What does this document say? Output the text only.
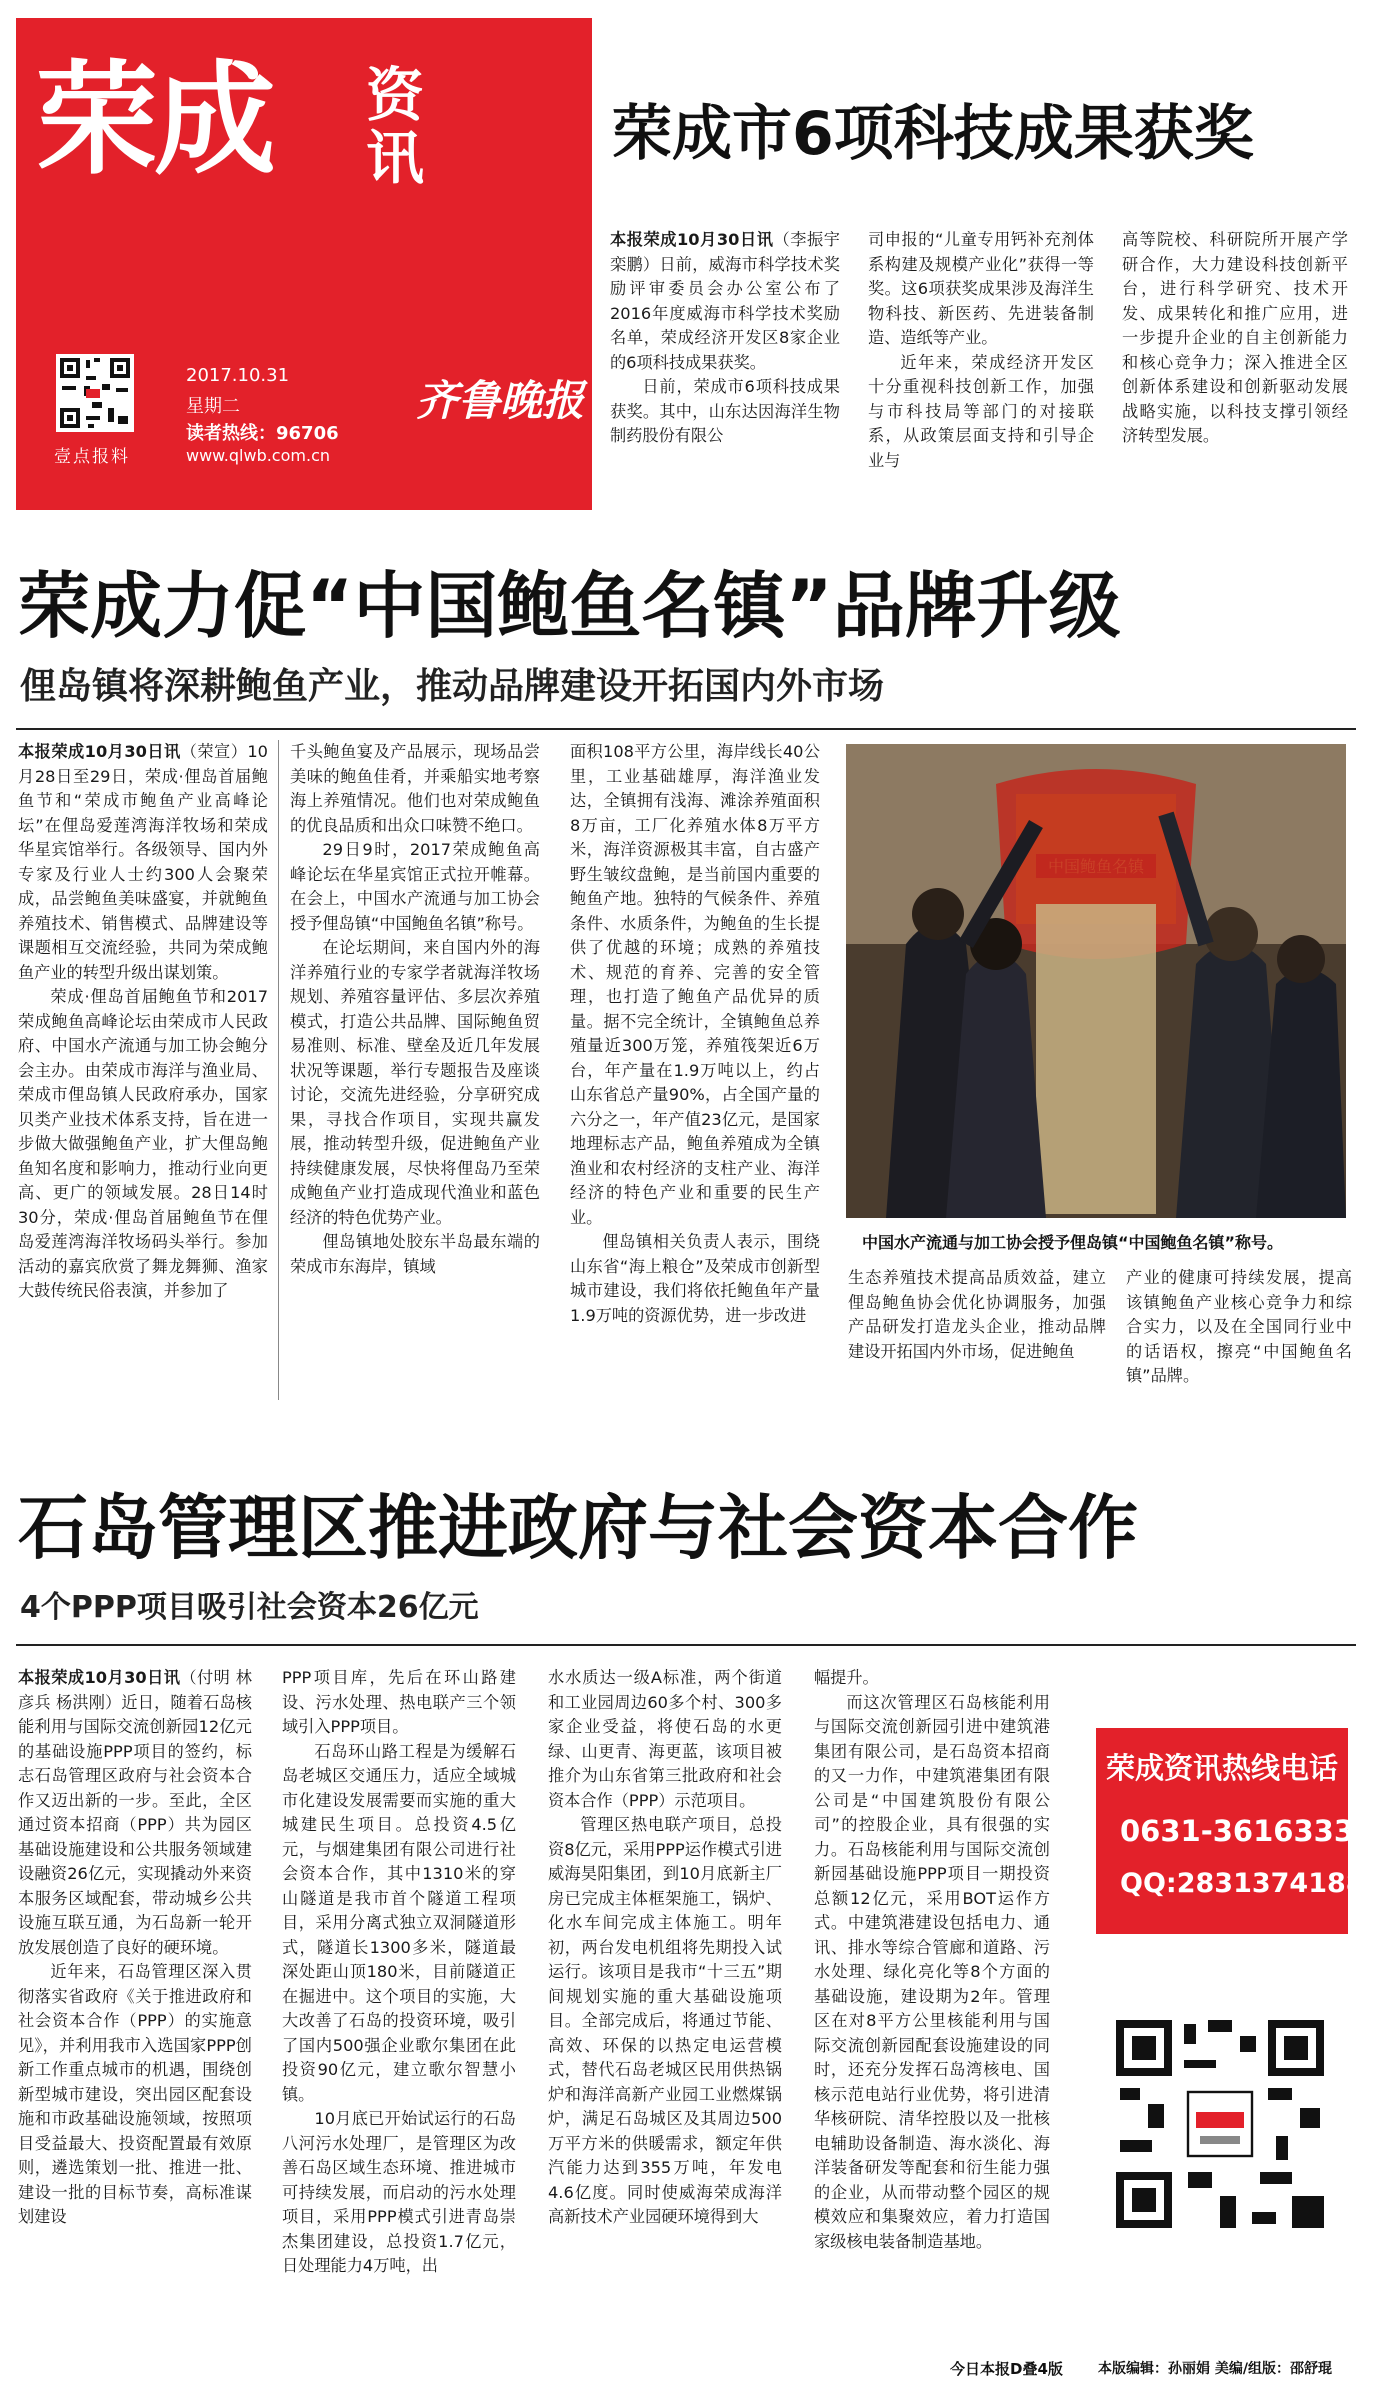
荣成 资讯
壹点报料
2017.10.31
星期二
读者热线：96706
www.qlwb.com.cn
齐鲁晚报
荣成市6项科技成果获奖

本报荣成10月30日讯（李振宇 栾鹏）日前，威海市科学技术奖励评审委员会办公室公布了2016年度威海市科学技术奖励名单，荣成经济开发区8家企业的6项科技成果获奖。

日前，荣成市6项科技成果获奖。其中，山东达因海洋生物制药股份有限公

司申报的“儿童专用钙补充剂体系构建及规模产业化”获得一等奖。这6项获奖成果涉及海洋生物科技、新医药、先进装备制造、造纸等产业。

近年来，荣成经济开发区十分重视科技创新工作，加强与市科技局等部门的对接联系，从政策层面支持和引导企业与

高等院校、科研院所开展产学研合作，大力建设科技创新平台，进行科学研究、技术开发、成果转化和推广应用，进一步提升企业的自主创新能力和核心竞争力；深入推进全区创新体系建设和创新驱动发展战略实施，以科技支撑引领经济转型发展。

荣成力促“中国鲍鱼名镇”品牌升级
俚岛镇将深耕鲍鱼产业，推动品牌建设开拓国内外市场

本报荣成10月30日讯（荣宣）10月28日至29日，荣成·俚岛首届鲍鱼节和“荣成市鲍鱼产业高峰论坛”在俚岛爱莲湾海洋牧场和荣成华星宾馆举行。各级领导、国内外专家及行业人士约300人会聚荣成，品尝鲍鱼美味盛宴，并就鲍鱼养殖技术、销售模式、品牌建设等课题相互交流经验，共同为荣成鲍鱼产业的转型升级出谋划策。

荣成·俚岛首届鲍鱼节和2017荣成鲍鱼高峰论坛由荣成市人民政府、中国水产流通与加工协会鲍分会主办。由荣成市海洋与渔业局、荣成市俚岛镇人民政府承办，国家贝类产业技术体系支持，旨在进一步做大做强鲍鱼产业，扩大俚岛鲍鱼知名度和影响力，推动行业向更高、更广的领域发展。28日14时30分，荣成·俚岛首届鲍鱼节在俚岛爱莲湾海洋牧场码头举行。参加活动的嘉宾欣赏了舞龙舞狮、渔家大鼓传统民俗表演，并参加了

千头鲍鱼宴及产品展示，现场品尝美味的鲍鱼佳肴，并乘船实地考察海上养殖情况。他们也对荣成鲍鱼的优良品质和出众口味赞不绝口。

29日9时，2017荣成鲍鱼高峰论坛在华星宾馆正式拉开帷幕。在会上，中国水产流通与加工协会授予俚岛镇“中国鲍鱼名镇”称号。

在论坛期间，来自国内外的海洋养殖行业的专家学者就海洋牧场规划、养殖容量评估、多层次养殖模式，打造公共品牌、国际鲍鱼贸易准则、标准、壁垒及近几年发展状况等课题，举行专题报告及座谈讨论，交流先进经验，分享研究成果，寻找合作项目，实现共赢发展，推动转型升级，促进鲍鱼产业持续健康发展，尽快将俚岛乃至荣成鲍鱼产业打造成现代渔业和蓝色经济的特色优势产业。

俚岛镇地处胶东半岛最东端的荣成市东海岸，镇域

面积108平方公里，海岸线长40公里，工业基础雄厚，海洋渔业发达，全镇拥有浅海、滩涂养殖面积8万亩，工厂化养殖水体8万平方米，海洋资源极其丰富，自古盛产野生皱纹盘鲍，是当前国内重要的鲍鱼产地。独特的气候条件、养殖条件、水质条件，为鲍鱼的生长提供了优越的环境；成熟的养殖技术、规范的育养、完善的安全管理，也打造了鲍鱼产品优异的质量。据不完全统计，全镇鲍鱼总养殖量近300万笼，养殖筏架近6万台，年产量在1.9万吨以上，约占山东省总产量90%，占全国产量的六分之一，年产值23亿元，是国家地理标志产品，鲍鱼养殖成为全镇渔业和农村经济的支柱产业、海洋经济的特色产业和重要的民生产业。

俚岛镇相关负责人表示，围绕山东省“海上粮仓”及荣成市创新型城市建设，我们将依托鲍鱼年产量1.9万吨的资源优势，进一步改进

中国水产流通与加工协会授予俚岛镇“中国鲍鱼名镇”称号。

生态养殖技术提高品质效益，建立俚岛鲍鱼协会优化协调服务，加强产品研发打造龙头企业，推动品牌建设开拓国内外市场，促进鲍鱼

产业的健康可持续发展，提高该镇鲍鱼产业核心竞争力和综合实力，以及在全国同行业中的话语权，擦亮“中国鲍鱼名镇”品牌。

石岛管理区推进政府与社会资本合作
4个PPP项目吸引社会资本26亿元

本报荣成10月30日讯（付明 林彦兵 杨洪刚）近日，随着石岛核能利用与国际交流创新园12亿元的基础设施PPP项目的签约，标志石岛管理区政府与社会资本合作又迈出新的一步。至此，全区通过资本招商（PPP）共为园区基础设施建设和公共服务领域建设融资26亿元，实现撬动外来资本服务区域配套，带动城乡公共设施互联互通，为石岛新一轮开放发展创造了良好的硬环境。

近年来，石岛管理区深入贯彻落实省政府《关于推进政府和社会资本合作（PPP）的实施意见》，并利用我市入选国家PPP创新工作重点城市的机遇，围绕创新型城市建设，突出园区配套设施和市政基础设施领域，按照项目受益最大、投资配置最有效原则，遴选策划一批、推进一批、建设一批的目标节奏，高标准谋划建设

PPP项目库，先后在环山路建设、污水处理、热电联产三个领域引入PPP项目。

石岛环山路工程是为缓解石岛老城区交通压力，适应全域城市化建设发展需要而实施的重大城建民生项目。总投资4.5亿元，与烟建集团有限公司进行社会资本合作，其中1310米的穿山隧道是我市首个隧道工程项目，采用分离式独立双洞隧道形式，隧道长1300多米，隧道最深处距山顶180米，目前隧道正在掘进中。这个项目的实施，大大改善了石岛的投资环境，吸引了国内500强企业歌尔集团在此投资90亿元，建立歌尔智慧小镇。

10月底已开始试运行的石岛八河污水处理厂，是管理区为改善石岛区域生态环境、推进城市可持续发展，而启动的污水处理项目，采用PPP模式引进青岛崇杰集团建设，总投资1.7亿元，日处理能力4万吨，出

水水质达一级A标准，两个街道和工业园周边60多个村、300多家企业受益，将使石岛的水更绿、山更青、海更蓝，该项目被推介为山东省第三批政府和社会资本合作（PPP）示范项目。

管理区热电联产项目，总投资8亿元，采用PPP运作模式引进威海昊阳集团，到10月底新主厂房已完成主体框架施工，锅炉、化水车间完成主体施工。明年初，两台发电机组将先期投入试运行。该项目是我市“十三五”期间规划实施的重大基础设施项目。全部完成后，将通过节能、高效、环保的以热定电运营模式，替代石岛老城区民用供热锅炉和海洋高新产业园工业燃煤锅炉，满足石岛城区及其周边500万平方米的供暖需求，额定年供汽能力达到355万吨，年发电4.6亿度。同时使威海荣成海洋高新技术产业园硬环境得到大

幅提升。

而这次管理区石岛核能利用与国际交流创新园引进中建筑港集团有限公司，是石岛资本招商的又一力作，中建筑港集团有限公司是“中国建筑股份有限公司”的控股企业，具有很强的实力。石岛核能利用与国际交流创新园基础设施PPP项目一期投资总额12亿元，采用BOT运作方式。中建筑港建设包括电力、通讯、排水等综合管廊和道路、污水处理、绿化亮化等8个方面的基础设施，建设期为2年。管理区在对8平方公里核能利用与国际交流创新园配套设施建设的同时，还充分发挥石岛湾核电、国核示范电站行业优势，将引进清华核研院、清华控股以及一批核电辅助设备制造、海水淡化、海洋装备研发等配套和衍生能力强的企业，从而带动整个园区的规模效应和集聚效应，着力打造国家级核电装备制造基地。

荣成资讯热线电话
0631-3616333
QQ:2831374188
今日本报D叠4版	本版编辑：孙丽娟 美编/组版：邵舒琨
